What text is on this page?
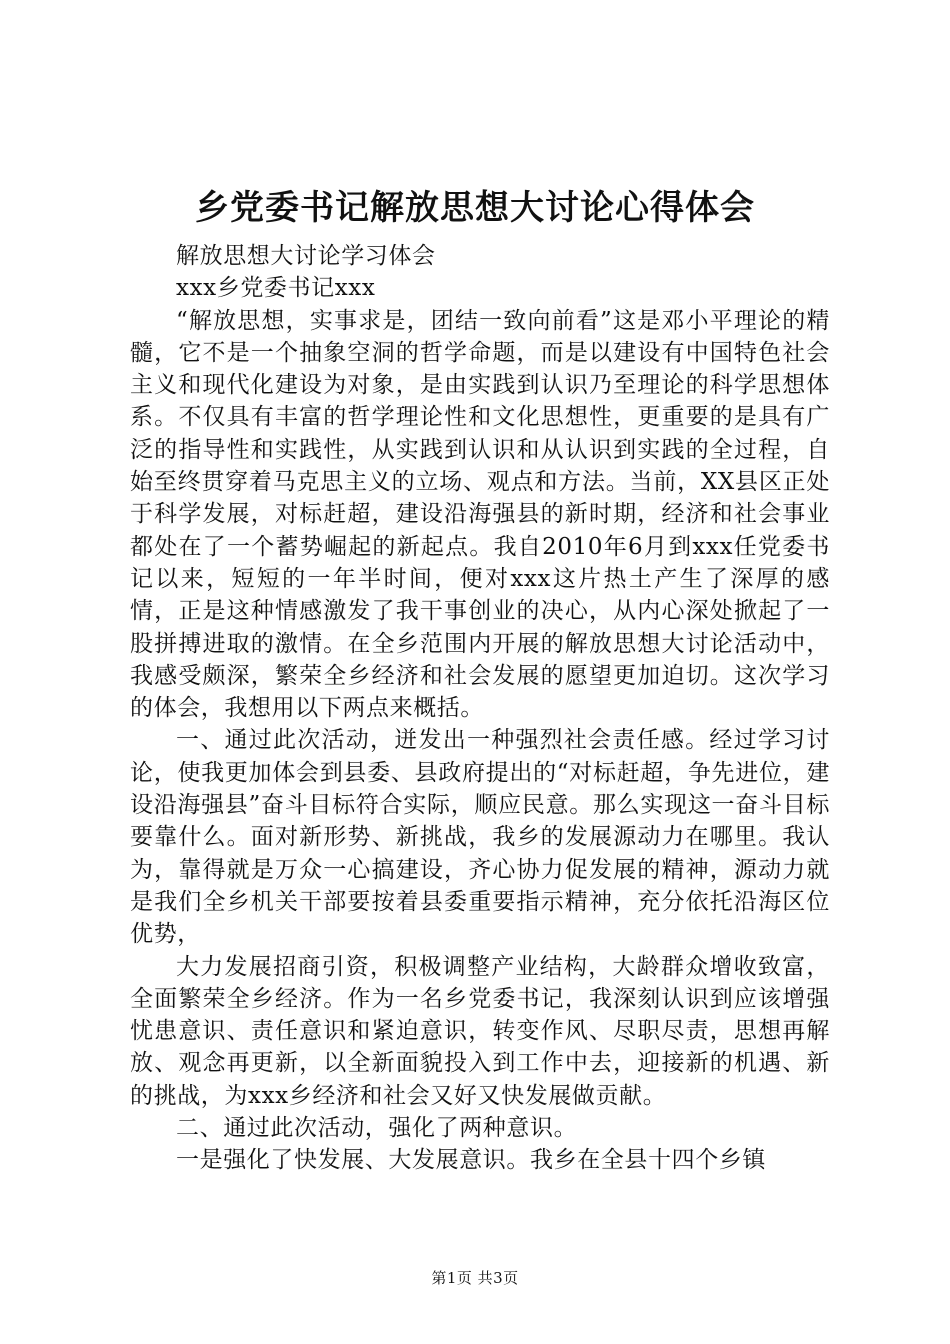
乡党委书记解放思想大讨论心得体会

解放思想大讨论学习体会

xxx乡党委书记xxx

“解放思想，实事求是，团结一致向前看”这是邓小平理论的精髓，它不是一个抽象空洞的哲学命题，而是以建设有中国特色社会主义和现代化建设为对象，是由实践到认识乃至理论的科学思想体系。不仅具有丰富的哲学理论性和文化思想性，更重要的是具有广泛的指导性和实践性，从实践到认识和从认识到实践的全过程，自始至终贯穿着马克思主义的立场、观点和方法。当前，XX县区正处于科学发展，对标赶超，建设沿海强县的新时期，经济和社会事业都处在了一个蓄势崛起的新起点。我自2010年6月到xxx任党委书记以来，短短的一年半时间，便对xxx这片热土产生了深厚的感情，正是这种情感激发了我干事创业的决心，从内心深处掀起了一股拼搏进取的激情。在全乡范围内开展的解放思想大讨论活动中，我感受颇深，繁荣全乡经济和社会发展的愿望更加迫切。这次学习的体会，我想用以下两点来概括。

一、通过此次活动，迸发出一种强烈社会责任感。经过学习讨论，使我更加体会到县委、县政府提出的“对标赶超，争先进位，建设沿海强县”奋斗目标符合实际，顺应民意。那么实现这一奋斗目标要靠什么。面对新形势、新挑战，我乡的发展源动力在哪里。我认为，靠得就是万众一心搞建设，齐心协力促发展的精神，源动力就是我们全乡机关干部要按着县委重要指示精神，充分依托沿海区位优势，

大力发展招商引资，积极调整产业结构，大龄群众增收致富，全面繁荣全乡经济。作为一名乡党委书记，我深刻认识到应该增强忧患意识、责任意识和紧迫意识，转变作风、尽职尽责，思想再解放、观念再更新，以全新面貌投入到工作中去，迎接新的机遇、新的挑战，为xxx乡经济和社会又好又快发展做贡献。

二、通过此次活动，强化了两种意识。

一是强化了快发展、大发展意识。我乡在全县十四个乡镇

第1页 共3页
